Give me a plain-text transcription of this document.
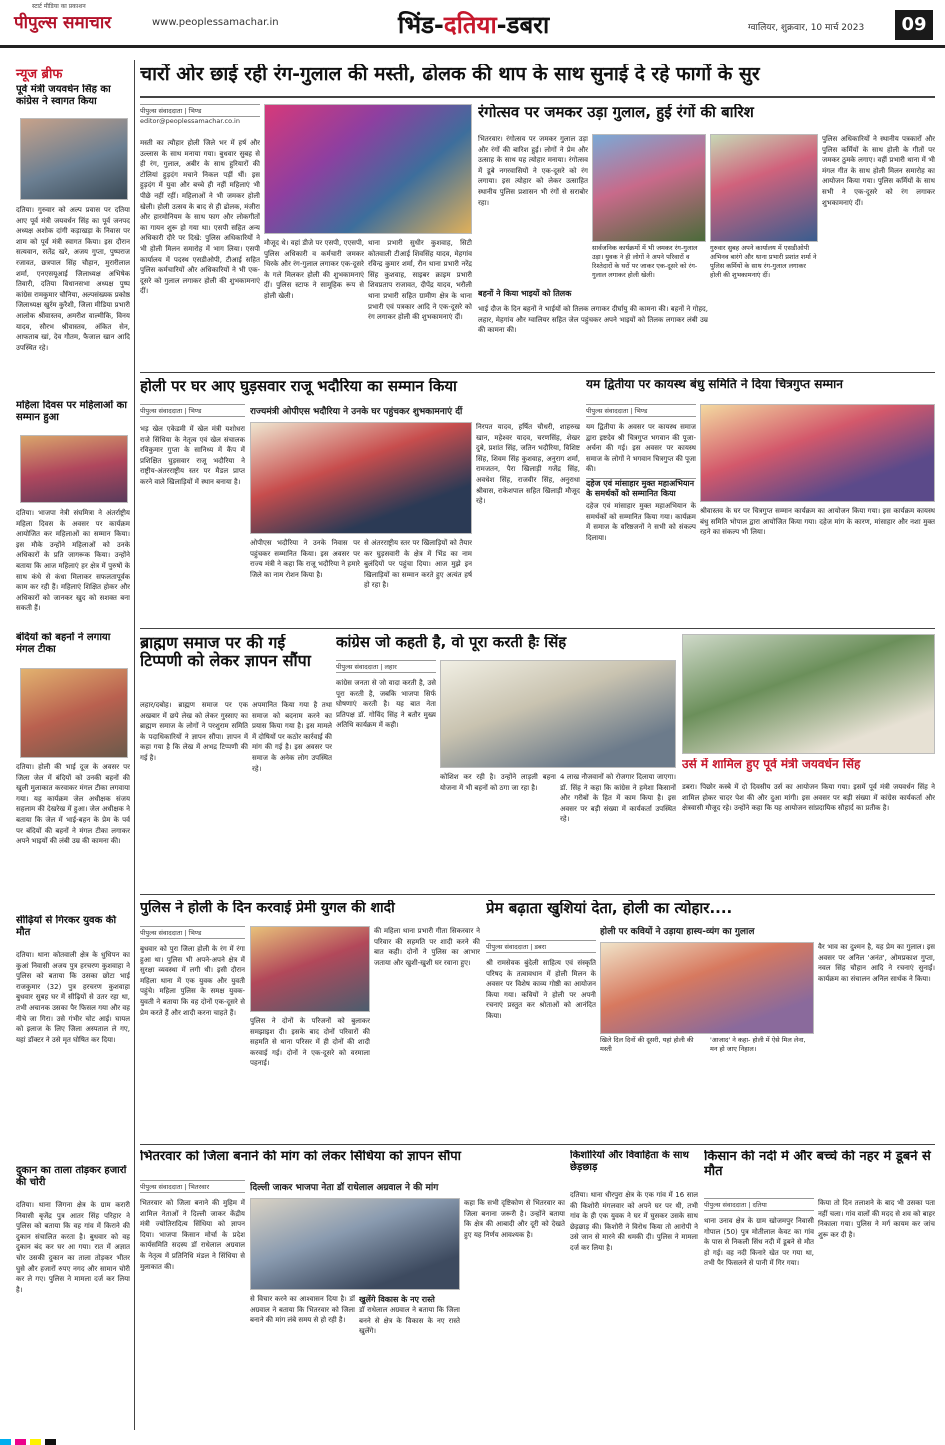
स्टार्ट मीडिया का प्रकाशन
पीपुल्स समाचार	www.peoplessamachar.in	भिंड-दतिया-डबरा	ग्वालियर, शुक्रवार, 10 मार्च 2023	09
न्यूज ब्रीफ
पूर्व मंत्री जयवर्धन सिंह का कांग्रेस ने स्वागत किया
दतिया। गुरुवार को अल्प प्रवास पर दतिया आए पूर्व मंत्री जयवर्धन सिंह का पूर्व जनपद अध्यक्ष अशोक दांगी कड़ाखड़ा के निवास पर शाम को पूर्व मंत्री स्वागत किया। इस दौरान सत्यवान, सतेंद्र खरे, अजय गुप्ता, पुष्पराज रजावत, छत्रपाल सिंह चौहान, मुरारीलाल शर्मा, एनएसयूआई जिलाध्यक्ष अभिषेक तिवारी, दतिया विधानसभा अध्यक्ष पुष्प कांग्रेस रामकुमार चौनिया, अल्पसंख्यक प्रकोष्ठ जिलाध्यक्ष खुर्रम कुरैशी, जिला मीडिया प्रभारी आलोक श्रीवास्तव, अमरीश वाल्मीकि, विनय यादव, सौरभ श्रीवास्तव, अंकित सेन, आफताब खां, देव गौतम, फैजाल खान आदि उपस्थित रहे।
महिला दिवस पर महिलाओं का सम्मान हुआ
दतिया। भाजपा नेत्री संघमित्रा ने अंतर्राष्ट्रीय महिला दिवस के अवसर पर कार्यक्रम आयोजित कर महिलाओं का सम्मान किया। इस मौके उन्होंने महिलाओं को उनके अधिकारों के प्रति जागरूक किया। उन्होंने बताया कि आज महिलाएं हर क्षेत्र में पुरुषों के साथ कंधे से कंधा मिलाकर सफलतापूर्वक काम कर रही हैं। महिलाएं शिक्षित होकर और अधिकारों को जानकर खुद को सशक्त बना सकती हैं।
बंदियों को बहनों ने लगाया मंगल टीका
दतिया। होली की भाई दूज के अवसर पर जिला जेल में बंदियों को उनकी बहनों की खुली मुलाकात करवाकर मंगल टीका लगवाया गया। यह कार्यक्रम जेल अधीक्षक संजय सहलाम की देखरेख में हुआ। जेल अधीक्षक ने बताया कि जेल में भाई-बहन के प्रेम के पर्व पर बंदियों की बहनों ने मंगल टीका लगाकर अपने भाइयों की लंबी उम्र की कामना की।
सीढ़ियों से गिरकर युवक की मौत
दतिया। थाना कोतवाली क्षेत्र के धुधिपन का कुआं निवासी अजय पुत्र हरचरण कुशवाहा ने पुलिस को बताया कि उसका छोटा भाई राजकुमार (32) पुत्र हरचरण कुशवाहा बुधवार सुबह घर में सीढ़ियों से उतर रहा था, तभी अचानक उसका पैर फिसल गया और वह नीचे जा गिरा। उसे गंभीर चोट आई। घायल को इलाज के लिए जिला अस्पताल ले गए, यहां डॉक्टर ने उसे मृत घोषित कर दिया।
दुकान का ताला तोड़कर हजारों की चोरी
दतिया। थाना जिगना क्षेत्र के ग्राम करारी निवासी बृजेंद्र पुत्र आतर सिंह परिहार ने पुलिस को बताया कि वह गांव में किराने की दुकान संचालित करता है। बुधवार को वह दुकान बंद कर घर आ गया। रात में अज्ञात चोर उसकी दुकान का ताला तोड़कर भीतर घुसे और हजारों रुपए नगद और सामान चोरी कर ले गए। पुलिस ने मामला दर्ज कर लिया है।
चारों ओर छाई रही रंग-गुलाल की मस्ती, ढोलक की थाप के साथ सुनाई दे रहे फागों के सुर
पीपुल्स संवाददाता | भिण्ड
editor@peoplessamachar.co.in
मस्ती का त्यौहार होली जिले भर में हर्ष और उल्लास के साथ मनाया गया। बुधवार सुबह से ही रंग, गुलाल, अबीर के साथ हुरियारों की टोलियां हुड़दंग मचाने निकल पड़ीं थीं। इस हुड़दंग में युवा और बच्चे ही नहीं महिलाएं भी पीछे नहीं रहीं। महिलाओं ने भी जमकर होली खेली। होली उत्सव के बाद से ही ढोलक, मंजीरा और हारमोनियम के साथ फाग और लोकगीतों का गायन शुरू हो गया था। एसपी सहित अन्य अधिकारी दौरे पर दिखे: पुलिस अधिकारियों ने भी होली मिलन समारोह में भाग लिया। एसपी कार्यालय में पदस्थ एसडीओपी, टीआई सहित पुलिस कर्मचारियों और अधिकारियों ने भी एक-दूसरे को गुलाल लगाकर होली की शुभकामनाएं दीं।
मौजूद थे। वहां डीजे पर एसपी, एएसपी, पुलिस अधिकारी व कर्मचारी जमकर थिरके और रंग-गुलाल लगाकर एक-दूसरे के गले मिलकर होली की शुभकामनाएं दीं। पुलिस स्टाफ ने सामूहिक रूप से होली खेली।
थाना प्रभारी सुधीर कुशवाह, सिटी कोतवाली टीआई शिवसिंह यादव, मेहगांव रविन्द्र कुमार शर्मा, रौन थाना प्रभारी नरेंद्र सिंह कुशवाह, साइबर क्राइम प्रभारी शिवप्रताप राजावत, दीपेंद्र यादव, भरौली थाना प्रभारी सहित ग्रामीण क्षेत्र के थाना प्रभारी एवं पत्रकार आदि ने एक-दूसरे को रंग लगाकर होली की शुभकामनाएं दीं।
रंगोत्सव पर जमकर उड़ा गुलाल, हुई रंगों की बारिश
भितरवार। रंगोत्सव पर जमकर गुलाल उड़ा और रंगों की बारिश हुई। लोगों ने प्रेम और उत्साह के साथ यह त्योहार मनाया। रंगोत्सव में डूबे नगरवासियों ने एक-दूसरे को रंग लगाया। इस त्योहार को लेकर उत्साहित स्थानीय पुलिस प्रशासन भी रंगों से सराबोर रहा।
बहनों ने किया भाइयों को तिलक
भाई दौज के दिन बहनों ने भाईयों को तिलक लगाकर दीर्घायु की कामना की। बहनों ने गोहद, लहार, मेहगांव और ग्वालियर सहित जेल पहुंचकर अपने भाइयों को तिलक लगाकर लंबी उम्र की कामना की।
सार्वजनिक कार्यक्रमों में भी जमकर रंग-गुलाल उड़ा। युवक ने ही लोगों ने अपने परिवारों व रिश्तेदारों के घरों पर जाकर एक-दूसरे को रंग-गुलाल लगाकर होली खेली।
गुरुवार सुबह अपने कार्यालय में एसडीओपी अभिनव बारंगे और थाना प्रभारी प्रशांत शर्मा ने पुलिस कर्मियों के साथ रंग-गुलाल लगाकर होली की शुभकामनाएं दीं।
पुलिस अधिकारियों ने स्थानीय पत्रकारों और पुलिस कर्मियों के साथ होली के गीतों पर जमकर ठुमके लगाए। वहीं प्रभारी थाना में भी मंगल गीत के साथ होली मिलन समारोह का आयोजन किया गया। पुलिस कर्मियों के साथ सभी ने एक-दूसरे को रंग लगाकर शुभकामनाएं दीं।
होली पर घर आए घुड़सवार राजू भदौरिया का सम्मान किया
राज्यमंत्री ओपीएस भदौरिया ने उनके घर पहुंचकर शुभकामनाएं दीं
पीपुल्स संवाददाता | भिण्ड
भड़ खेल एकेडमी में खेल मंत्री यशोधरा राजे सिंधिया के नेतृत्व एवं खेल संचालक रविकुमार गुप्ता के सानिध्य में कैंप में प्रशिक्षित घुड़सवार राजू भदौरिया ने राष्ट्रीय-अंतरराष्ट्रीय स्तर पर मैडल प्राप्त करने वाले खिलाड़ियों में स्थान बनाया है।
ओपीएस भदौरिया ने उनके निवास पर पहुंचकर सम्मानित किया। इस अवसर पर राज्य मंत्री ने कहा कि राजू भदौरिया ने हमारे जिले का नाम रोशन किया है।
से अंतरराष्ट्रीय स्तर पर खिलाड़ियों को तैयार कर घुड़सवारी के क्षेत्र में भिंड का नाम बुलंदियों पर पहुंचा दिया। आज मुझे इन खिलाड़ियों का सम्मान करते हुए अत्यंत हर्ष हो रहा है।
निरपत यादव, हर्षित चौधरी, शाहरुख खान, महेश्वर यादव, चरणसिंह, शेखर दुबे, प्रशांत सिंह, जतिन भदौरिया, विशिष्ट सिंह, शिवम सिंह कुशवाह, अनुराग शर्मा, रामजतन, पैरा खिलाड़ी गजेंद्र सिंह, अवधेश सिंह, राजवीर सिंह, अनुराधा श्रीवास, राकेशपाल सहित खिलाड़ी मौजूद रहे।
यम द्वितीया पर कायस्थ बंधु समिति ने दिया चित्रगुप्त सम्मान
पीपुल्स संवाददाता | भिण्ड
यम द्वितीया के अवसर पर कायस्थ समाज द्वारा इष्टदेव श्री चित्रगुप्त भगवान की पूजा-अर्चना की गई। इस अवसर पर कायस्थ समाज के लोगों ने भगवान चित्रगुप्त की पूजा की।
दहेज एवं मांसाहार मुक्त महाअभियान के समर्थकों को सम्मानित किया
दहेज एवं मांसाहार मुक्त महाअभियान के समर्थकों को सम्मानित किया गया। कार्यक्रम में समाज के वरिष्ठजनों ने सभी को संकल्प दिलाया।
श्रीवास्तव के घर पर चित्रगुप्त सम्मान कार्यक्रम का आयोजन किया गया। इस कार्यक्रम कायस्थ बंधु समिति भोपाल द्वारा आयोजित किया गया। दहेज मांग के कारण, मांसाहार और नशा मुक्त रहने का संकल्प भी लिया।
ब्राह्मण समाज पर की गई टिप्पणी को लेकर ज्ञापन सौंपा
लहार/दबोह। ब्राह्मण समाज पर एक अखबार में छपे लेख को लेकर गुस्साए का ब्राह्मण समाज के लोगों ने परशुराम समिति के पदाधिकारियों ने ज्ञापन सौंपा। ज्ञापन में कहा गया है कि लेख में अभद्र टिप्पणी की गई है।
अपमानित किया गया है तथा समाज को बदनाम करने का प्रयास किया गया है। इस मामले में दोषियों पर कठोर कार्रवाई की मांग की गई है। इस अवसर पर समाज के अनेक लोग उपस्थित रहे।
कांग्रेस जो कहती है, वो पूरा करती हैः सिंह
पीपुल्स संवाददाता | लहार
कांग्रेस जनता से जो वादा करती है, उसे पूरा करती है, जबकि भाजपा सिर्फ घोषणाएं करती है। यह बात नेता प्रतिपक्ष डॉ. गोविंद सिंह ने बतौर मुख्य अतिथि कार्यक्रम में कही।
कोशिश कर रही है। उन्होंने लाड़ली बहना योजना में भी बहनों को ठगा जा रहा है।
4 लाख नौजवानों को रोजगार दिलाया जाएगा। डॉ. सिंह ने कहा कि कांग्रेस ने हमेशा किसानों और गरीबों के हित में काम किया है। इस अवसर पर बड़ी संख्या में कार्यकर्ता उपस्थित रहे।
उर्स में शामिल हुए पूर्व मंत्री जयवर्धन सिंह
डबरा। पिछोर कस्बे में दो दिवसीय उर्स का आयोजन किया गया। इसमें पूर्व मंत्री जयवर्धन सिंह ने शामिल होकर चादर पेश की और दुआ मांगी। इस अवसर पर बड़ी संख्या में कांग्रेस कार्यकर्ता और क्षेत्रवासी मौजूद रहे। उन्होंने कहा कि यह आयोजन सांप्रदायिक सौहार्द का प्रतीक है।
पुलिस ने होली के दिन करवाई प्रेमी युगल की शादी
पीपुल्स संवाददाता | भिण्ड
बुधवार को पुरा जिला होली के रंग में रंगा हुआ था। पुलिस भी अपने-अपने क्षेत्र में सुरक्षा व्यवस्था में लगी थी। इसी दौरान महिला थाना में एक युवक और युवती पहुंचे। महिला पुलिस के समक्ष युवक-युवती ने बताया कि वह दोनों एक-दूसरे से प्रेम करते हैं और शादी करना चाहते हैं।
पुलिस ने दोनों के परिजनों को बुलाकर समझाइश दी। इसके बाद दोनों परिवारों की सहमति से थाना परिसर में ही दोनों की शादी करवाई गई। दोनों ने एक-दूसरे को वरमाला पहनाई।
की महिला थाना प्रभारी गीता सिकरवार ने परिवार की सहमति पर शादी करने की बात कही। दोनों ने पुलिस का आभार जताया और खुशी-खुशी घर रवाना हुए।
प्रेम बढ़ाता खुशियां देता, होली का त्योहार....
होली पर कवियों ने उड़ाया हास्य-व्यंग का गुलाल
पीपुल्स संवाददाता | डबरा
श्री रामसेवक बुंदेली साहित्य एवं संस्कृति परिषद के तत्वावधान में होली मिलन के अवसर पर विशेष काव्य गोष्ठी का आयोजन किया गया। कवियों ने होली पर अपनी रचनाएं प्रस्तुत कर श्रोताओं को आनंदित किया।
खिले दिल दिनों की दूसरी, यहां होली की मस्ती
'आजाद' ने कहा- होली में ऐसे मिल लेना, मन हो जाए निहाल।
वैर भाव का दुश्मन है, यह प्रेम का गुलाल। इस अवसर पर अनिल 'अनंत', ओमप्रकाश गुप्ता, नवल सिंह चौहान आदि ने रचनाएं सुनाईं। कार्यक्रम का संचालन अनिल सार्थक ने किया।
भितरवार को जिला बनाने की मांग को लेकर सिंधिया को ज्ञापन सौंपा
दिल्ली जाकर भाजपा नेता डॉ राधेलाल अग्रवाल ने की मांग
पीपुल्स संवाददाता | भितरवार
भितरवार को जिला बनाने की मुहिम में शामिल नेताओं ने दिल्ली जाकर केंद्रीय मंत्री ज्योतिरादित्य सिंधिया को ज्ञापन दिया। भाजपा किसान मोर्चा के प्रदेश कार्यसमिति सदस्य डॉ राधेलाल अग्रवाल के नेतृत्व में प्रतिनिधि मंडल ने सिंधिया से मुलाकात की।
से विचार करने का आश्वासन दिया है। डॉ अग्रवाल ने बताया कि भितरवार को जिला बनाने की मांग लंबे समय से हो रही है।
खुलेंगे विकास के नए रास्ते
डॉ राधेलाल अग्रवाल ने बताया कि जिला बनने से क्षेत्र के विकास के नए रास्ते खुलेंगे।
कहा कि सभी दृष्टिकोण से भितरवार का जिला बनाना जरूरी है। उन्होंने बताया कि क्षेत्र की आबादी और दूरी को देखते हुए यह निर्णय आवश्यक है।
किशोरियों और विवाहिता के साथ छेड़छाड़
दतिया। थाना धीरपुरा क्षेत्र के एक गांव में 16 साल की किशोरी मंगलवार को अपने घर पर थी, तभी गांव के ही एक युवक ने घर में घुसकर उसके साथ छेड़छाड़ की। किशोरी ने विरोध किया तो आरोपी ने उसे जान से मारने की धमकी दी। पुलिस ने मामला दर्ज कर लिया है।
किसान की नदी में और बच्चे की नहर में डूबने से मौत
पीपुल्स संवाददाता | दतिया
थाना उनाव क्षेत्र के ग्राम खोजमपुर निवासी गोपाल (50) पुत्र मोतीलाल केवट का गांव के पास से निकली सिंध नदी में डूबने से मौत हो गई। वह नदी किनारे खेत पर गया था, तभी पैर फिसलने से पानी में गिर गया।
किया तो दिन तलाशने के बाद भी उसका पता नहीं चला। गांव वालों की मदद से शव को बाहर निकाला गया। पुलिस ने मर्ग कायम कर जांच शुरू कर दी है।
